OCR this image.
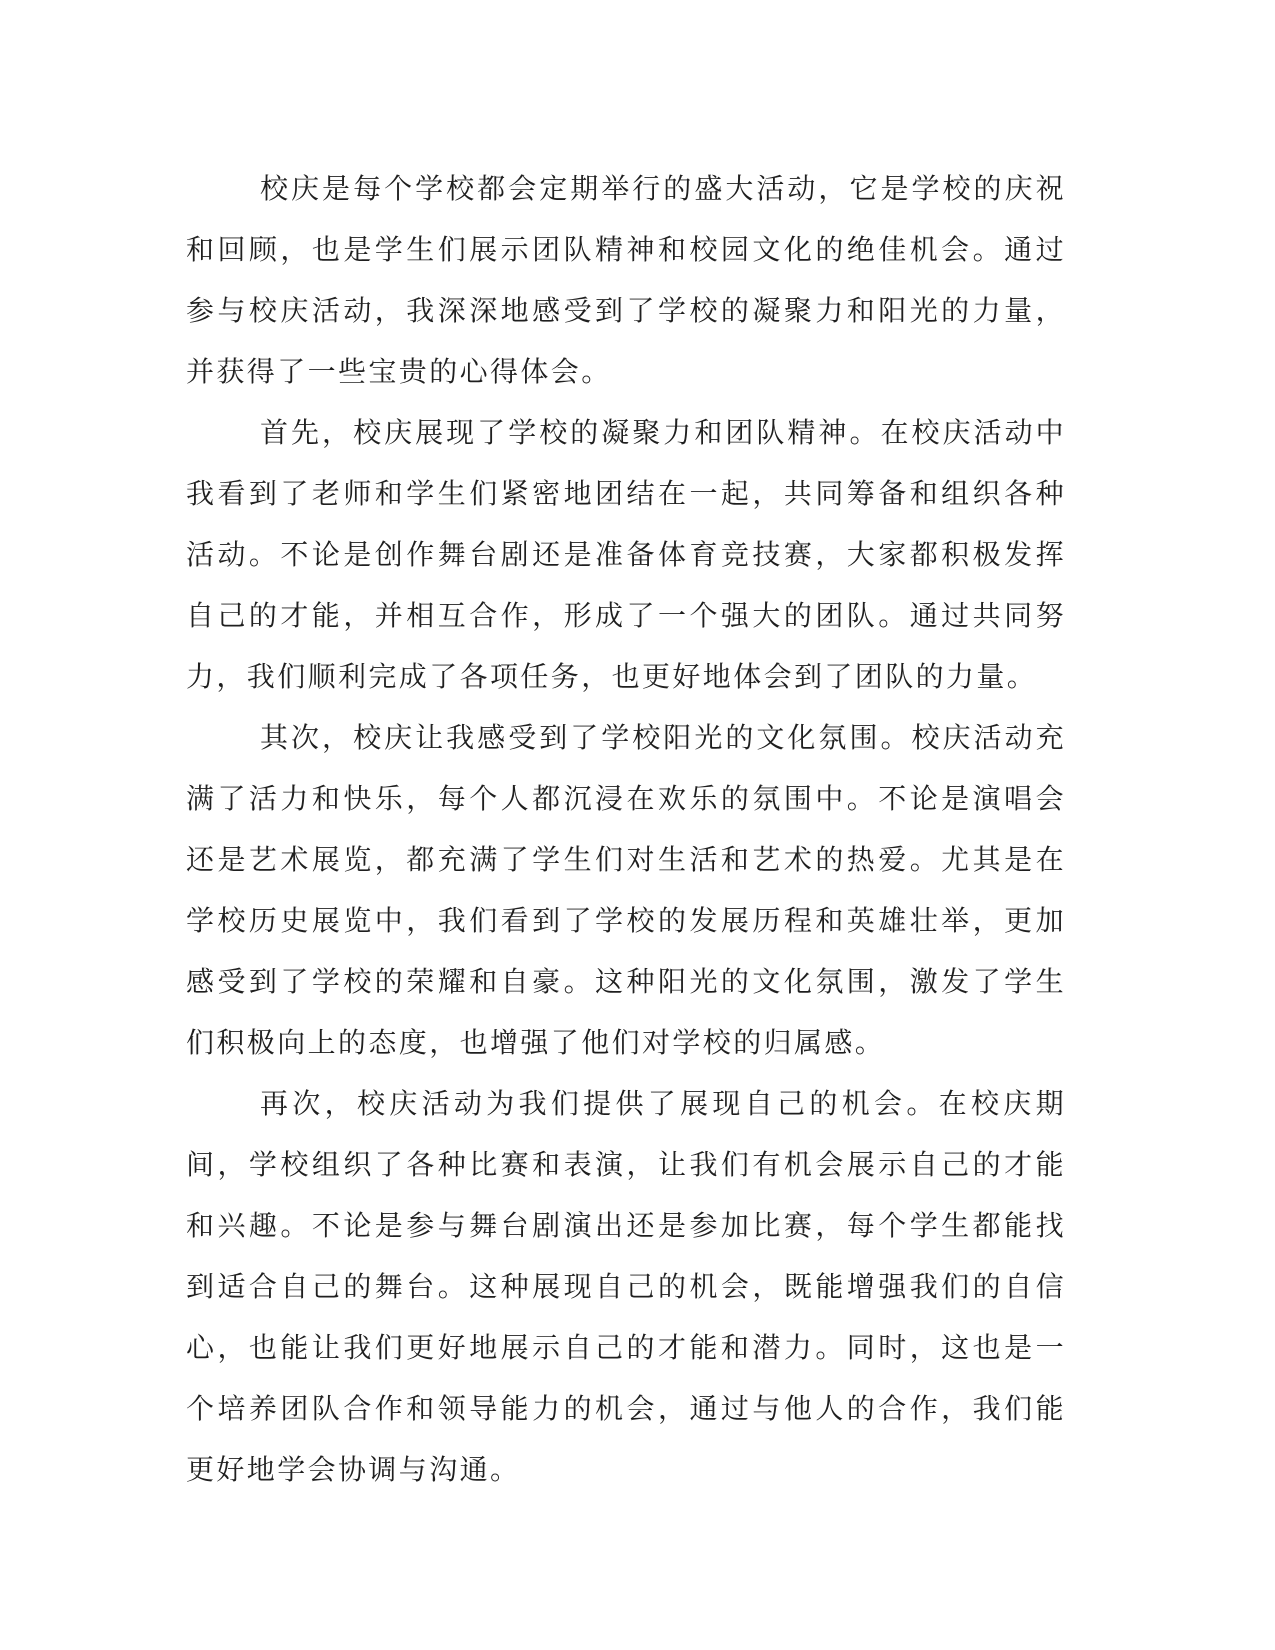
校庆是每个学校都会定期举行的盛大活动，它是学校的庆祝和回顾，也是学生们展示团队精神和校园文化的绝佳机会。通过参与校庆活动，我深深地感受到了学校的凝聚力和阳光的力量，并获得了一些宝贵的心得体会。

首先，校庆展现了学校的凝聚力和团队精神。在校庆活动中我看到了老师和学生们紧密地团结在一起，共同筹备和组织各种活动。不论是创作舞台剧还是准备体育竞技赛，大家都积极发挥自己的才能，并相互合作，形成了一个强大的团队。通过共同努力，我们顺利完成了各项任务，也更好地体会到了团队的力量。

其次，校庆让我感受到了学校阳光的文化氛围。校庆活动充满了活力和快乐，每个人都沉浸在欢乐的氛围中。不论是演唱会还是艺术展览，都充满了学生们对生活和艺术的热爱。尤其是在学校历史展览中，我们看到了学校的发展历程和英雄壮举，更加感受到了学校的荣耀和自豪。这种阳光的文化氛围，激发了学生们积极向上的态度，也增强了他们对学校的归属感。

再次，校庆活动为我们提供了展现自己的机会。在校庆期间，学校组织了各种比赛和表演，让我们有机会展示自己的才能和兴趣。不论是参与舞台剧演出还是参加比赛，每个学生都能找到适合自己的舞台。这种展现自己的机会，既能增强我们的自信心，也能让我们更好地展示自己的才能和潜力。同时，这也是一个培养团队合作和领导能力的机会，通过与他人的合作，我们能更好地学会协调与沟通。
